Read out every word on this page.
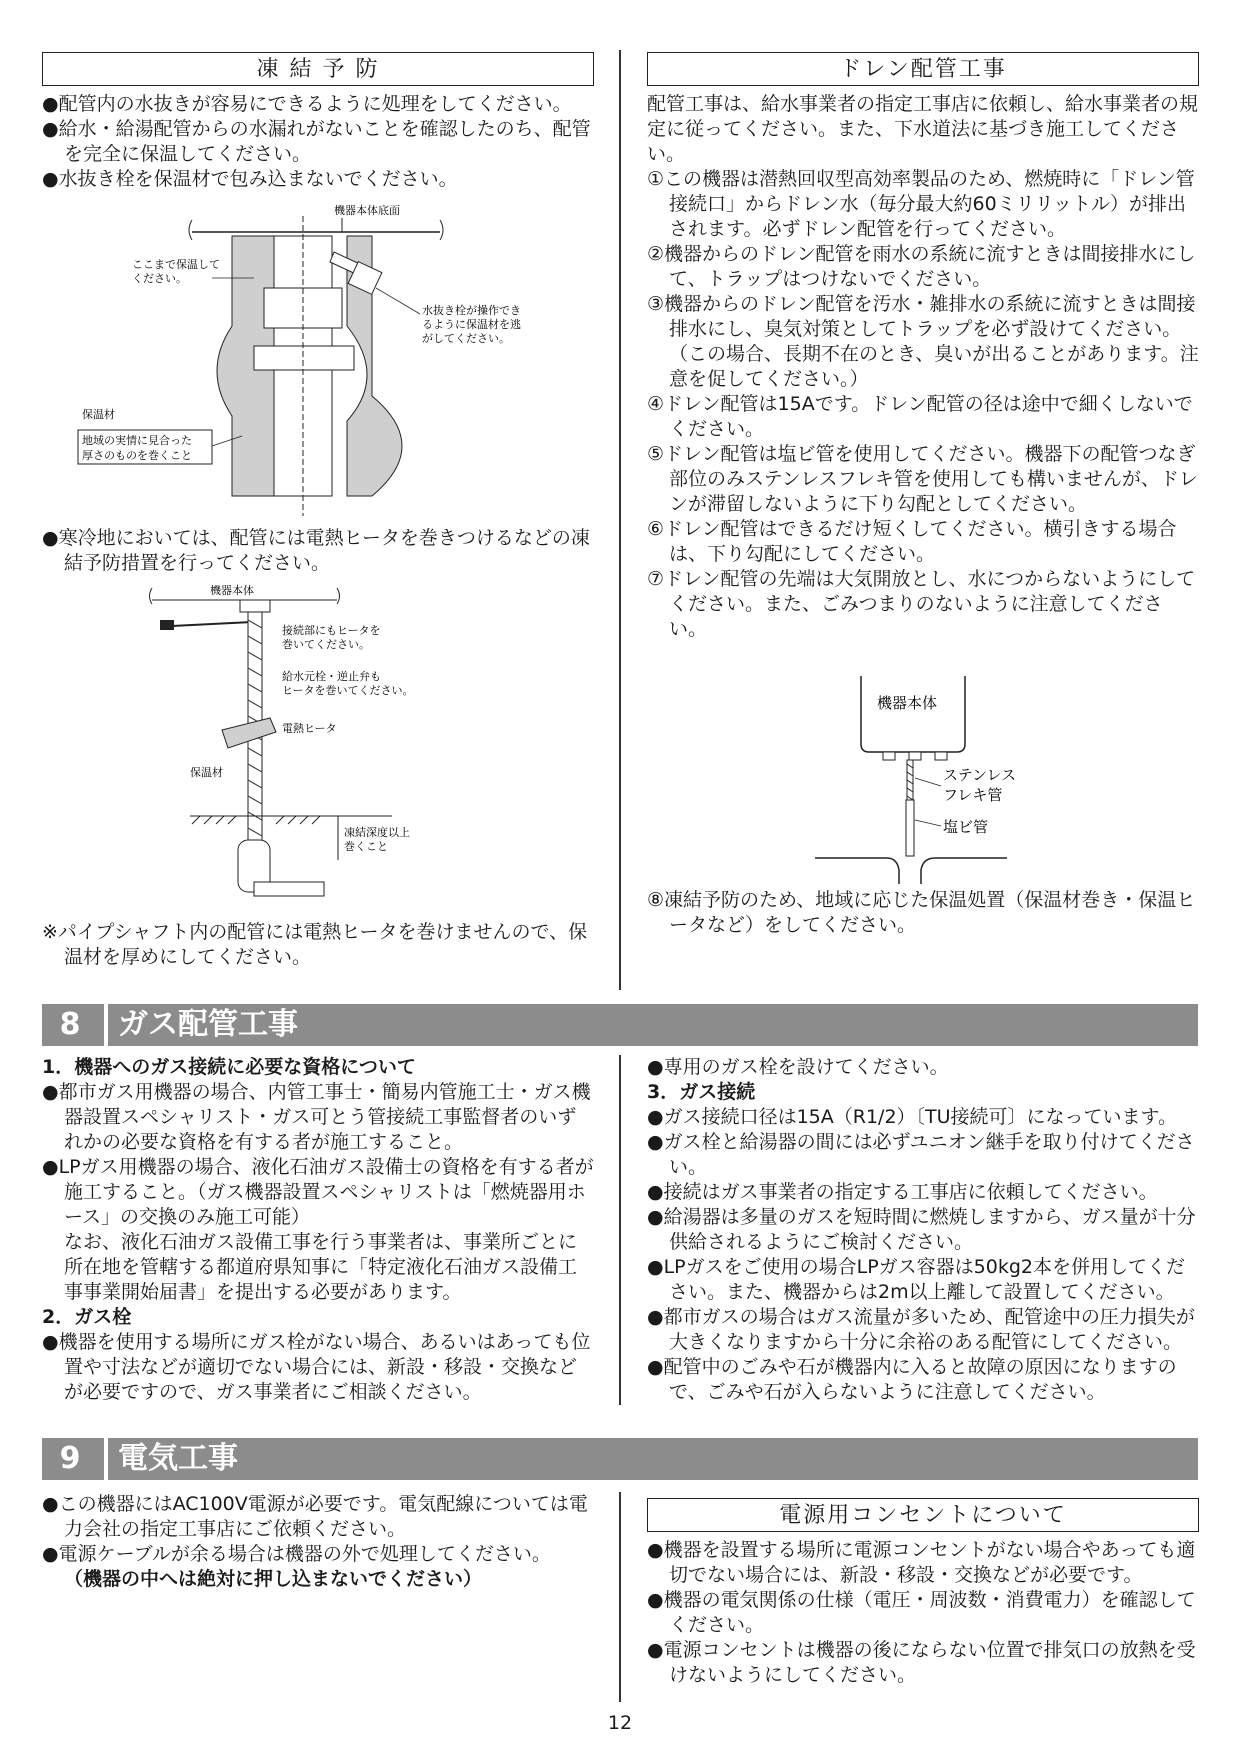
凍 結 予 防

●配管内の水抜きが容易にできるように処理をしてください。

●給水・給湯配管からの水漏れがないことを確認したのち、配管を完全に保温してください。

●水抜き栓を保温材で包み込まないでください。

機器本体底面
ここまで保温して
ください。
水抜き栓が操作でき
るように保温材を逃
がしてください。
保温材
地域の実情に見合った
厚さのものを巻くこと

●寒冷地においては、配管には電熱ヒータを巻きつけるなどの凍結予防措置を行ってください。

機器本体
接続部にもヒータを
巻いてください。
給水元栓・逆止弁も
ヒータを巻いてください。
電熱ヒータ
保温材
凍結深度以上
巻くこと

※パイプシャフト内の配管には電熱ヒータを巻けませんので、保温材を厚めにしてください。

ドレン配管工事

配管工事は、給水事業者の指定工事店に依頼し、給水事業者の規定に従ってください。また、下水道法に基づき施工してください。

①この機器は潜熱回収型高効率製品のため、燃焼時に「ドレン管接続口」からドレン水（毎分最大約60ミリリットル）が排出されます。必ずドレン配管を行ってください。

②機器からのドレン配管を雨水の系統に流すときは間接排水にして、トラップはつけないでください。

③機器からのドレン配管を汚水・雑排水の系統に流すときは間接排水にし、臭気対策としてトラップを必ず設けてください。

（この場合、長期不在のとき、臭いが出ることがあります。注意を促してください。）

④ドレン配管は15Aです。ドレン配管の径は途中で細くしないでください。

⑤ドレン配管は塩ビ管を使用してください。機器下の配管つなぎ部位のみステンレスフレキ管を使用しても構いませんが、ドレンが滞留しないように下り勾配としてください。

⑥ドレン配管はできるだけ短くしてください。横引きする場合は、下り勾配にしてください。

⑦ドレン配管の先端は大気開放とし、水につからないようにしてください。また、ごみつまりのないように注意してください。

機器本体
ステンレス
フレキ管
塩ビ管

⑧凍結予防のため、地域に応じた保温処置（保温材巻き・保温ヒータなど）をしてください。

8	ガス配管工事

1．機器へのガス接続に必要な資格について

●都市ガス用機器の場合、内管工事士・簡易内管施工士・ガス機器設置スペシャリスト・ガス可とう管接続工事監督者のいずれかの必要な資格を有する者が施工すること。

●LPガス用機器の場合、液化石油ガス設備士の資格を有する者が施工すること。（ガス機器設置スペシャリストは「燃焼器用ホース」の交換のみ施工可能）

なお、液化石油ガス設備工事を行う事業者は、事業所ごとに所在地を管轄する都道府県知事に「特定液化石油ガス設備工事事業開始届書」を提出する必要があります。

2．ガス栓

●機器を使用する場所にガス栓がない場合、あるいはあっても位置や寸法などが適切でない場合には、新設・移設・交換などが必要ですので、ガス事業者にご相談ください。

●専用のガス栓を設けてください。

3．ガス接続

●ガス接続口径は15A（R1/2）〔TU接続可〕になっています。

●ガス栓と給湯器の間には必ずユニオン継手を取り付けてください。

●接続はガス事業者の指定する工事店に依頼してください。

●給湯器は多量のガスを短時間に燃焼しますから、ガス量が十分供給されるようにご検討ください。

●LPガスをご使用の場合LPガス容器は50kg2本を併用してください。また、機器からは2m以上離して設置してください。

●都市ガスの場合はガス流量が多いため、配管途中の圧力損失が大きくなりますから十分に余裕のある配管にしてください。

●配管中のごみや石が機器内に入ると故障の原因になりますので、ごみや石が入らないように注意してください。

9	電気工事

●この機器にはAC100V電源が必要です。電気配線については電力会社の指定工事店にご依頼ください。

●電源ケーブルが余る場合は機器の外で処理してください。

（機器の中へは絶対に押し込まないでください）

電源用コンセントについて

●機器を設置する場所に電源コンセントがない場合やあっても適切でない場合には、新設・移設・交換などが必要です。

●機器の電気関係の仕様（電圧・周波数・消費電力）を確認してください。

●電源コンセントは機器の後にならない位置で排気口の放熱を受けないようにしてください。

12
